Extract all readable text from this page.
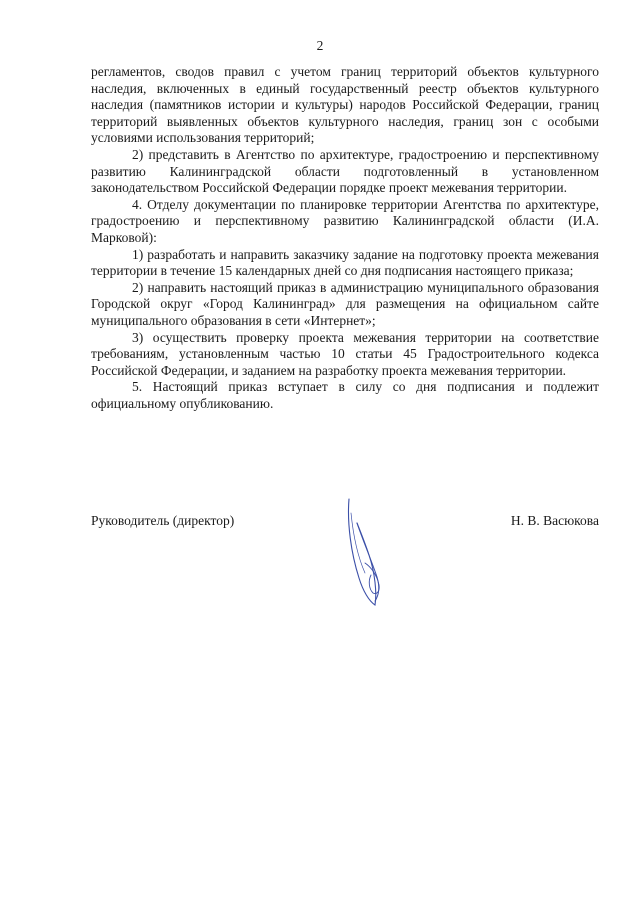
2

регламентов, сводов правил с учетом границ территорий объектов культурного наследия, включенных в единый государственный реестр объектов культурного наследия (памятников истории и культуры) народов Российской Федерации, границ территорий выявленных объектов культурного наследия, границ зон с особыми условиями использования территорий;

2) представить в Агентство по архитектуре, градостроению и перспективному развитию Калининградской области подготовленный в установленном законодательством Российской Федерации порядке проект межевания территории.

4. Отделу документации по планировке территории Агентства по архитектуре, градостроению и перспективному развитию Калининградской области (И.А. Марковой):

1) разработать и направить заказчику задание на подготовку проекта межевания территории в течение 15 календарных дней со дня подписания настоящего приказа;

2) направить настоящий приказ в администрацию муниципального образования Городской округ «Город Калининград» для размещения на официальном сайте муниципального образования в сети «Интернет»;

3) осуществить проверку проекта межевания территории на соответствие требованиям, установленным частью 10 статьи 45 Градостроительного кодекса Российской Федерации, и заданием на разработку проекта межевания территории.

5. Настоящий приказ вступает в силу со дня подписания и подлежит официальному опубликованию.

Руководитель (директор)	Н. В. Васюкова
